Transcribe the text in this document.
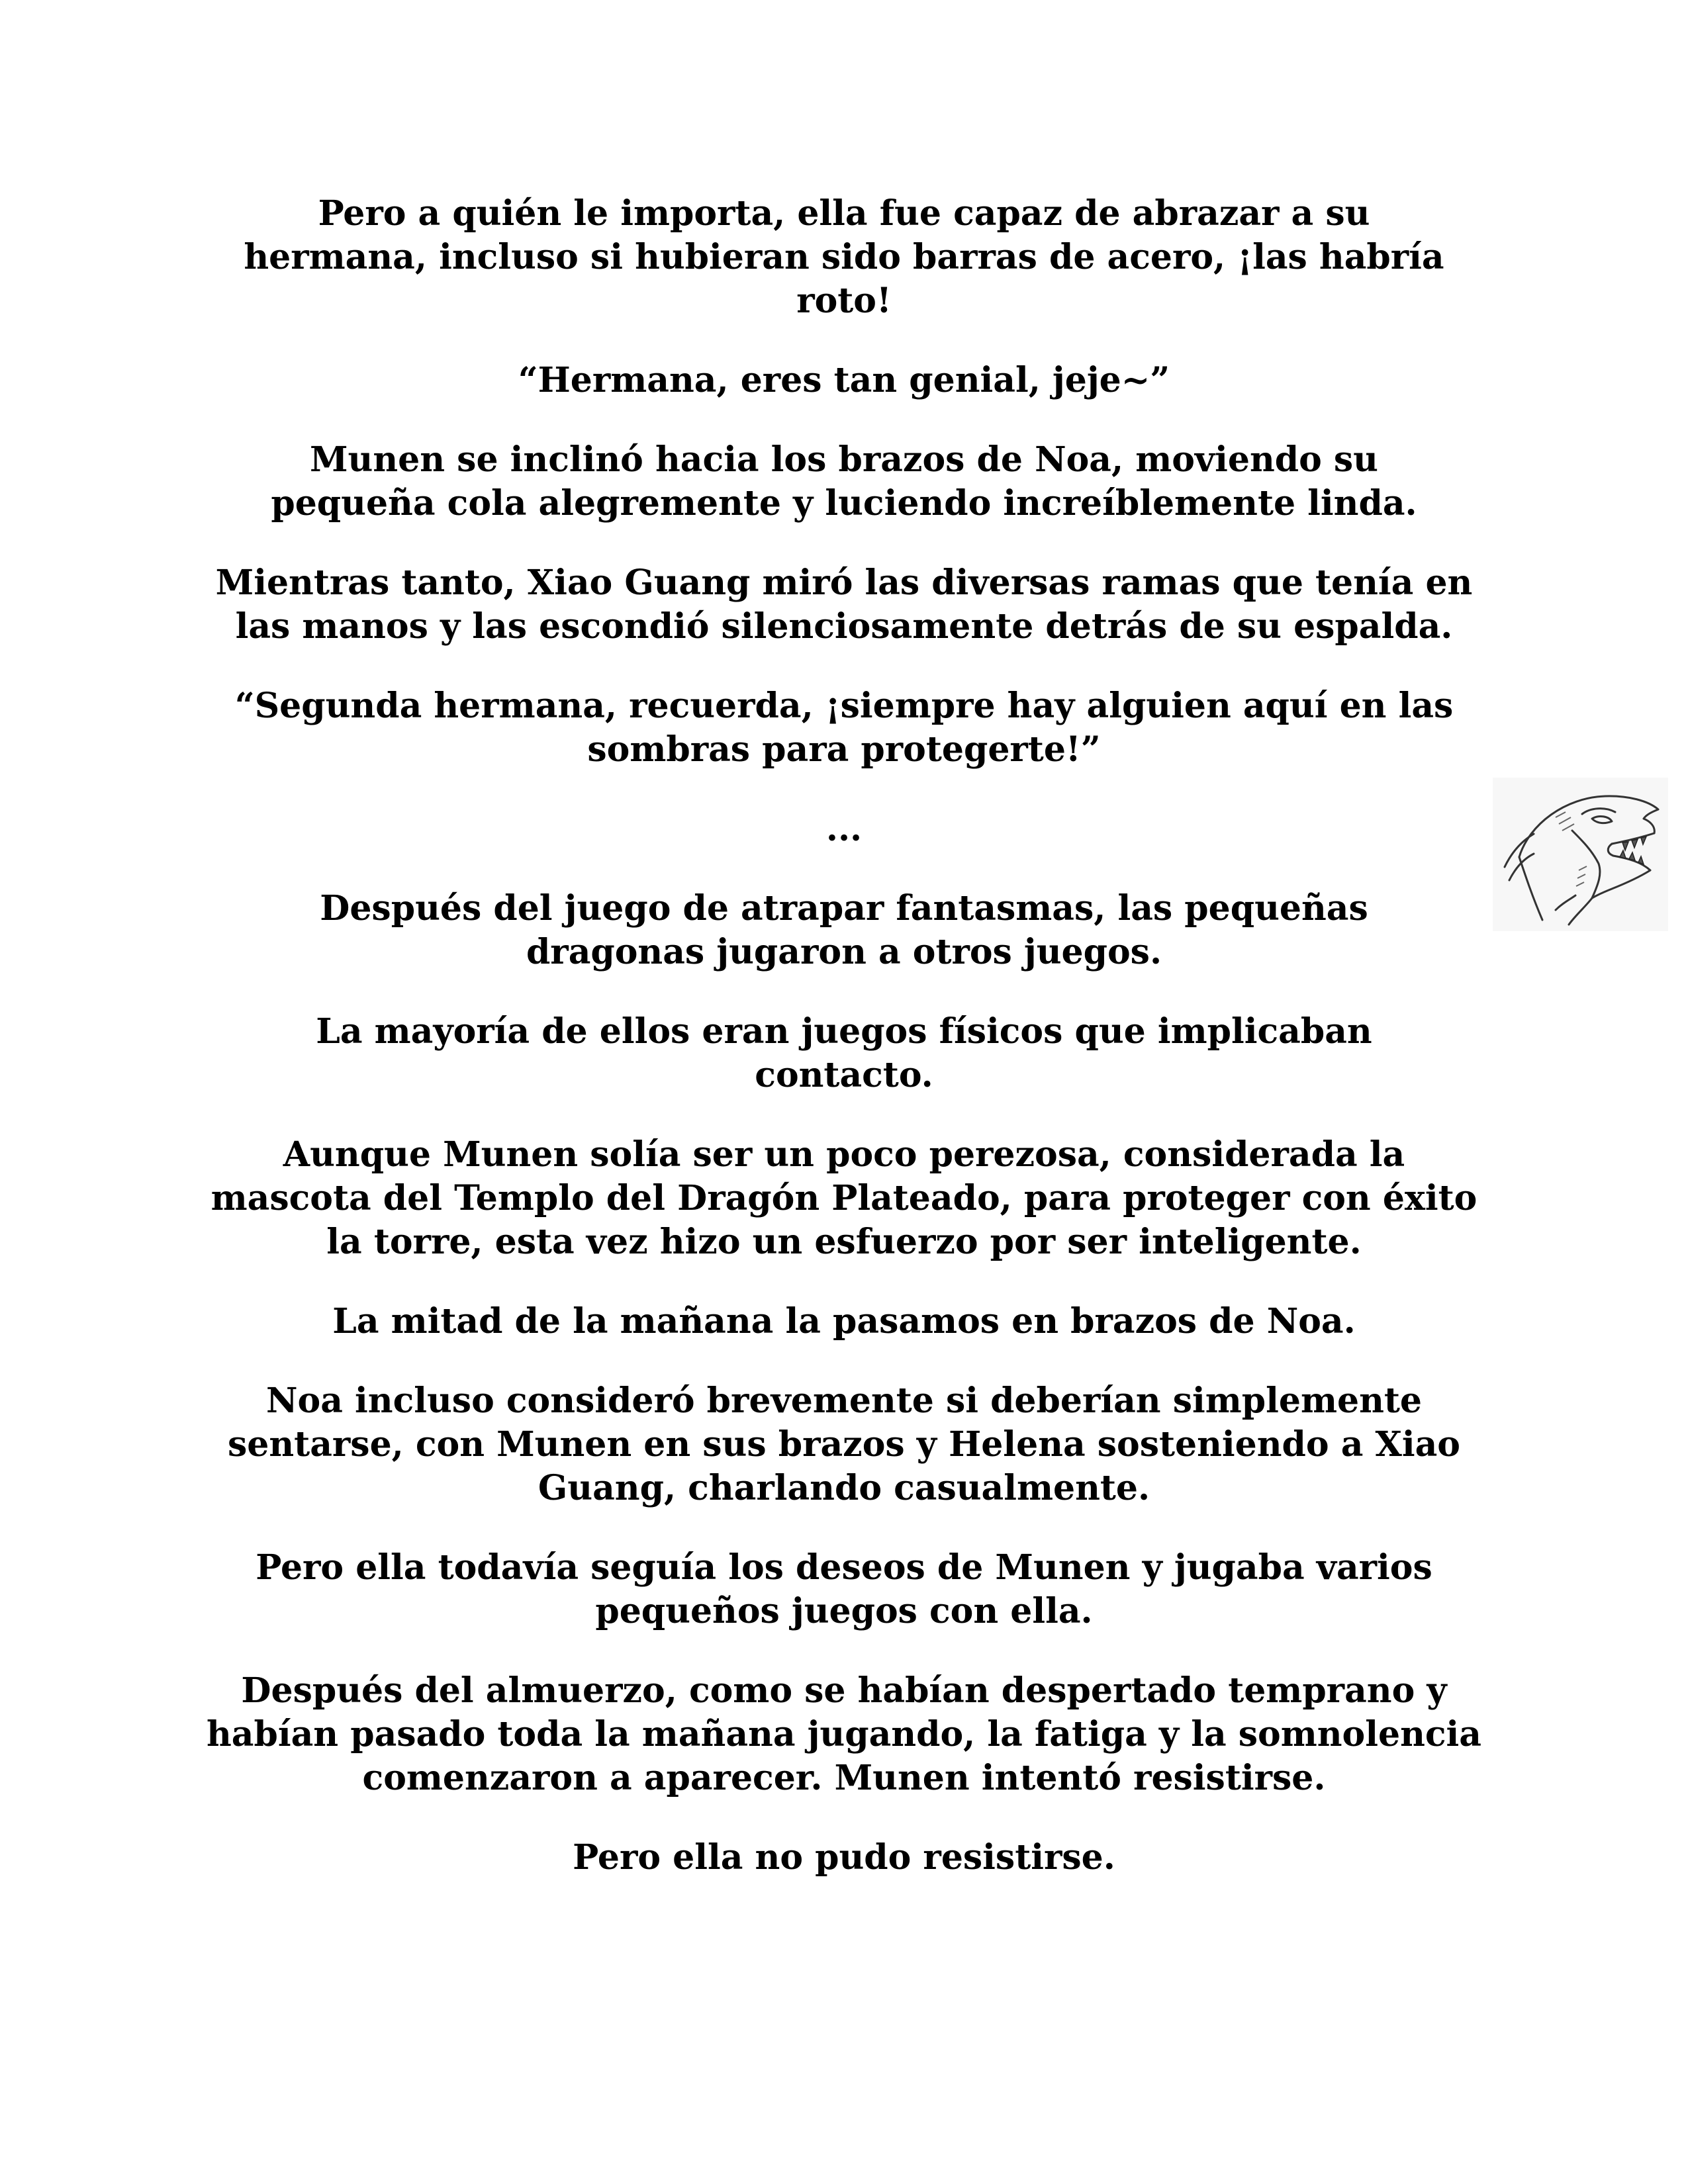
Pero a quién le importa, ella fue capaz de abrazar a su hermana, incluso si hubieran sido barras de acero, ¡las habría roto!

“Hermana, eres tan genial, jeje~”

Munen se inclinó hacia los brazos de Noa, moviendo su pequeña cola alegremente y luciendo increíblemente linda.

Mientras tanto, Xiao Guang miró las diversas ramas que tenía en las manos y las escondió silenciosamente detrás de su espalda.

“Segunda hermana, recuerda, ¡siempre hay alguien aquí en las sombras para protegerte!”

...

Después del juego de atrapar fantasmas, las pequeñas dragonas jugaron a otros juegos.

La mayoría de ellos eran juegos físicos que implicaban contacto.

Aunque Munen solía ser un poco perezosa, considerada la mascota del Templo del Dragón Plateado, para proteger con éxito la torre, esta vez hizo un esfuerzo por ser inteligente.

La mitad de la mañana la pasamos en brazos de Noa.

Noa incluso consideró brevemente si deberían simplemente sentarse, con Munen en sus brazos y Helena sosteniendo a Xiao Guang, charlando casualmente.

Pero ella todavía seguía los deseos de Munen y jugaba varios pequeños juegos con ella.

Después del almuerzo, como se habían despertado temprano y habían pasado toda la mañana jugando, la fatiga y la somnolencia comenzaron a aparecer. Munen intentó resistirse.

Pero ella no pudo resistirse.
